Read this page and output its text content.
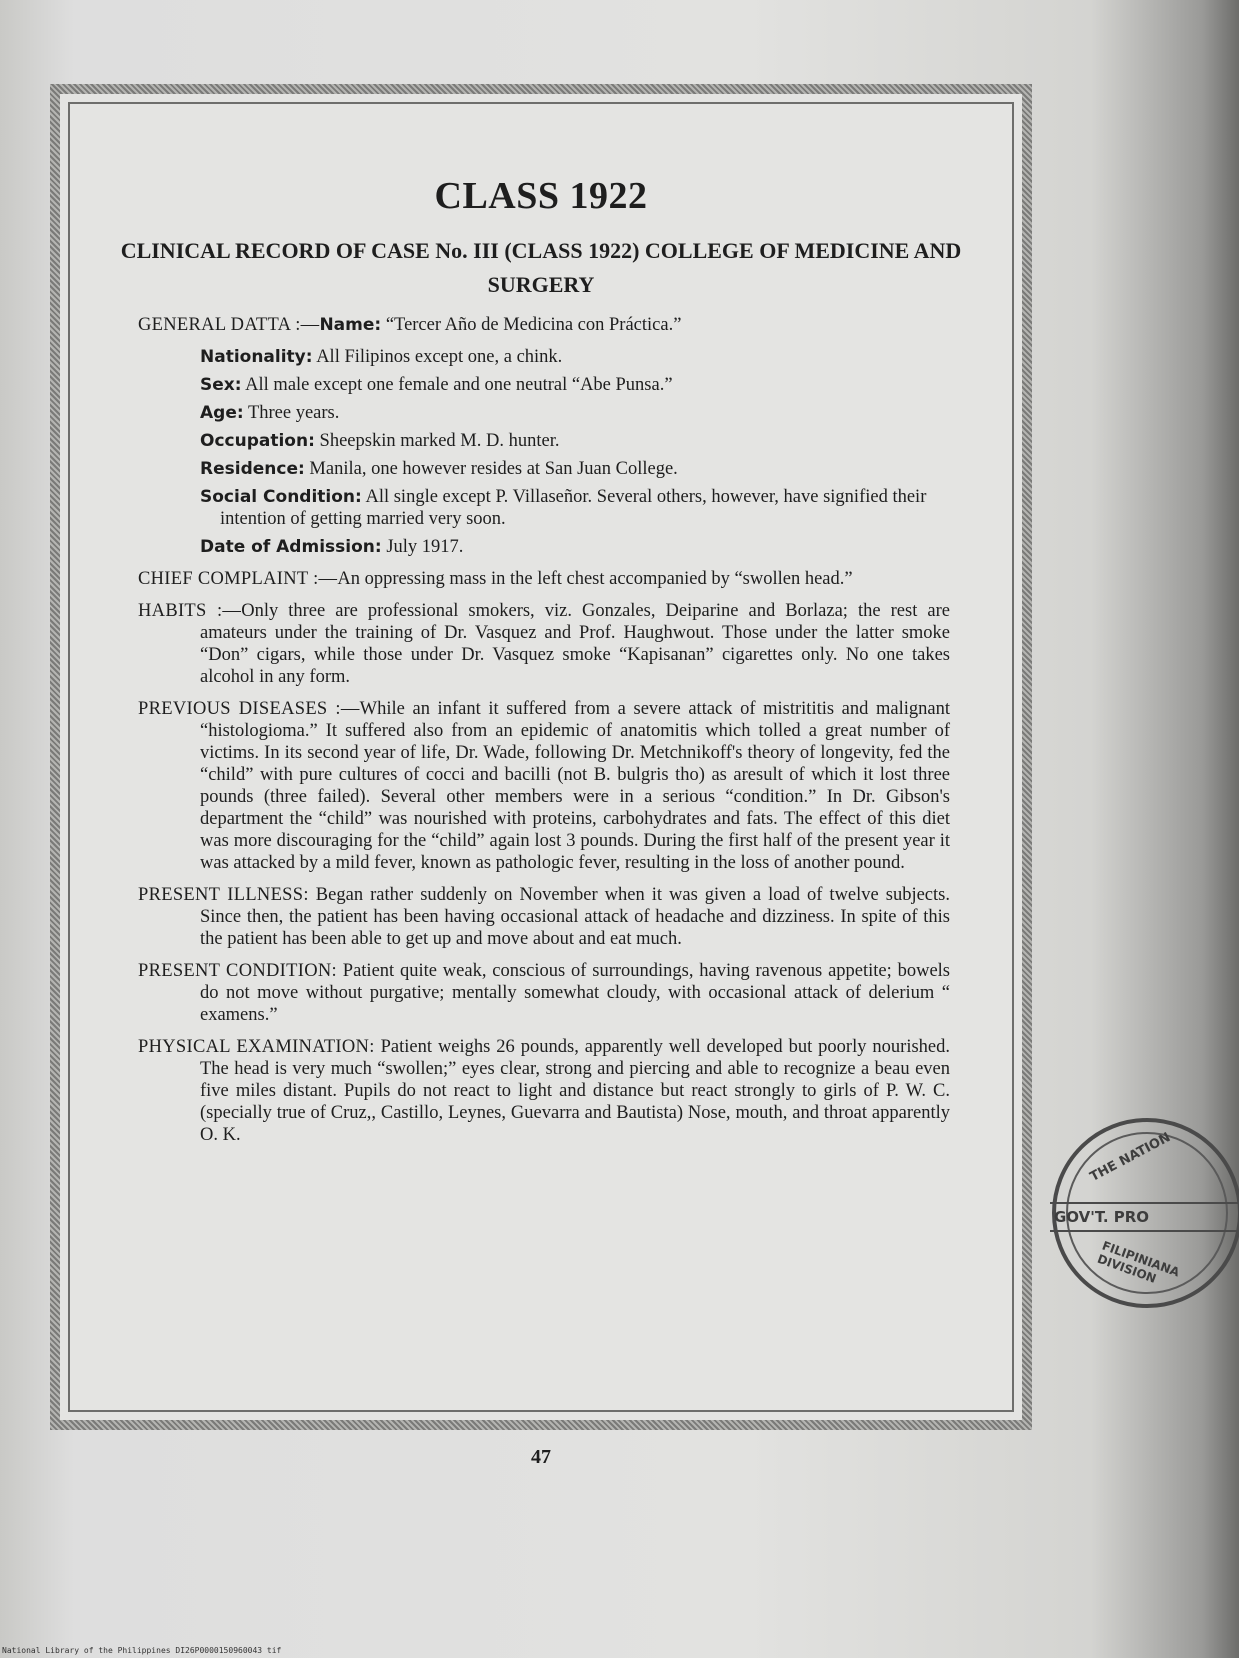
CLASS 1922
CLINICAL RECORD OF CASE No. III (CLASS 1922) COLLEGE OF MEDICINE AND SURGERY
GENERAL DATTA :—Name: “Tercer Año de Medicina con Práctica.”
Nationality: All Filipinos except one, a chink.
Sex: All male except one female and one neutral “Abe Punsa.”
Age: Three years.
Occupation: Sheepskin marked M. D. hunter.
Residence: Manila, one however resides at San Juan College.
Social Condition: All single except P. Villaseñor. Several others, however, have signified their intention of getting married very soon.
Date of Admission: July 1917.
CHIEF COMPLAINT :—An oppressing mass in the left chest accompanied by “swollen head.”
HABITS :—Only three are professional smokers, viz. Gonzales, Deiparine and Borlaza; the rest are amateurs under the training of Dr. Vasquez and Prof. Haughwout. Those under the latter smoke “Don” cigars, while those under Dr. Vasquez smoke “Kapisanan” cigarettes only. No one takes alcohol in any form.
PREVIOUS DISEASES :—While an infant it suffered from a severe attack of mistrititis and malignant “histologioma.” It suffered also from an epidemic of anatomitis which tolled a great number of victims. In its second year of life, Dr. Wade, following Dr. Metchnikoff's theory of longevity, fed the “child” with pure cultures of cocci and bacilli (not B. bulgris tho) as aresult of which it lost three pounds (three failed). Several other members were in a serious “condition.” In Dr. Gibson's department the “child” was nourished with proteins, carbohydrates and fats. The effect of this diet was more discouraging for the “child” again lost 3 pounds. During the first half of the present year it was attacked by a mild fever, known as pathologic fever, resulting in the loss of another pound.
PRESENT ILLNESS: Began rather suddenly on November when it was given a load of twelve subjects. Since then, the patient has been having occasional attack of headache and dizziness. In spite of this the patient has been able to get up and move about and eat much.
PRESENT CONDITION: Patient quite weak, conscious of surroundings, having ravenous appetite; bowels do not move without purgative; mentally somewhat cloudy, with occasional attack of delerium “ examens.”
PHYSICAL EXAMINATION: Patient weighs 26 pounds, apparently well developed but poorly nourished. The head is very much “swollen;” eyes clear, strong and piercing and able to recognize a beau even five miles distant. Pupils do not react to light and distance but react strongly to girls of P. W. C. (specially true of Cruz,, Castillo, Leynes, Guevarra and Bautista) Nose, mouth, and throat apparently O. K.
47
THE NATION
GOV'T. PRO
FILIPINIANA DIVISION
National Library of the Philippines DI26P0000150960043 tif
